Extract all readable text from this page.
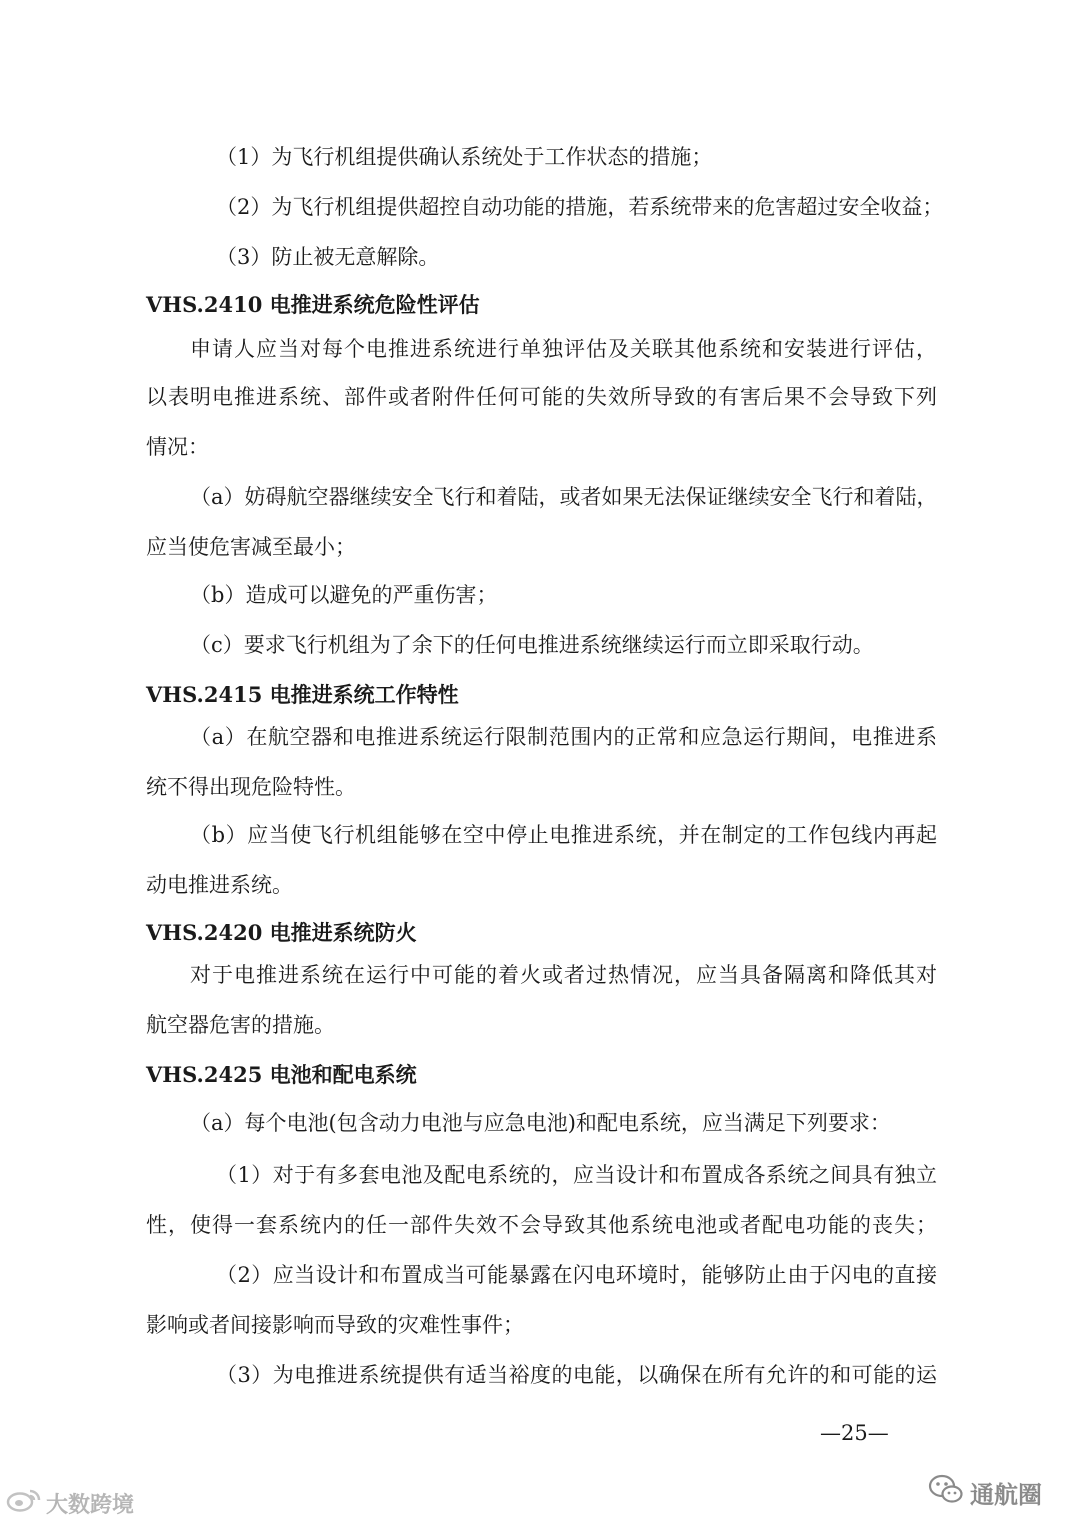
（1）为飞行机组提供确认系统处于工作状态的措施；
（2）为飞行机组提供超控自动功能的措施，若系统带来的危害超过安全收益；
（3）防止被无意解除。
VHS.2410 电推进系统危险性评估
申请人应当对每个电推进系统进行单独评估及关联其他系统和安装进行评估，
以表明电推进系统、部件或者附件任何可能的失效所导致的有害后果不会导致下列
情况：
（a）妨碍航空器继续安全飞行和着陆，或者如果无法保证继续安全飞行和着陆，
应当使危害减至最小；
（b）造成可以避免的严重伤害；
（c）要求飞行机组为了余下的任何电推进系统继续运行而立即采取行动。
VHS.2415 电推进系统工作特性
（a）在航空器和电推进系统运行限制范围内的正常和应急运行期间，电推进系
统不得出现危险特性。
（b）应当使飞行机组能够在空中停止电推进系统，并在制定的工作包线内再起
动电推进系统。
VHS.2420 电推进系统防火
对于电推进系统在运行中可能的着火或者过热情况，应当具备隔离和降低其对
航空器危害的措施。
VHS.2425 电池和配电系统
（a）每个电池(包含动力电池与应急电池)和配电系统，应当满足下列要求：
（1）对于有多套电池及配电系统的，应当设计和布置成各系统之间具有独立
性，使得一套系统内的任一部件失效不会导致其他系统电池或者配电功能的丧失；
（2）应当设计和布置成当可能暴露在闪电环境时，能够防止由于闪电的直接
影响或者间接影响而导致的灾难性事件；
（3）为电推进系统提供有适当裕度的电能，以确保在所有允许的和可能的运
—25—
大数跨境	通航圈
